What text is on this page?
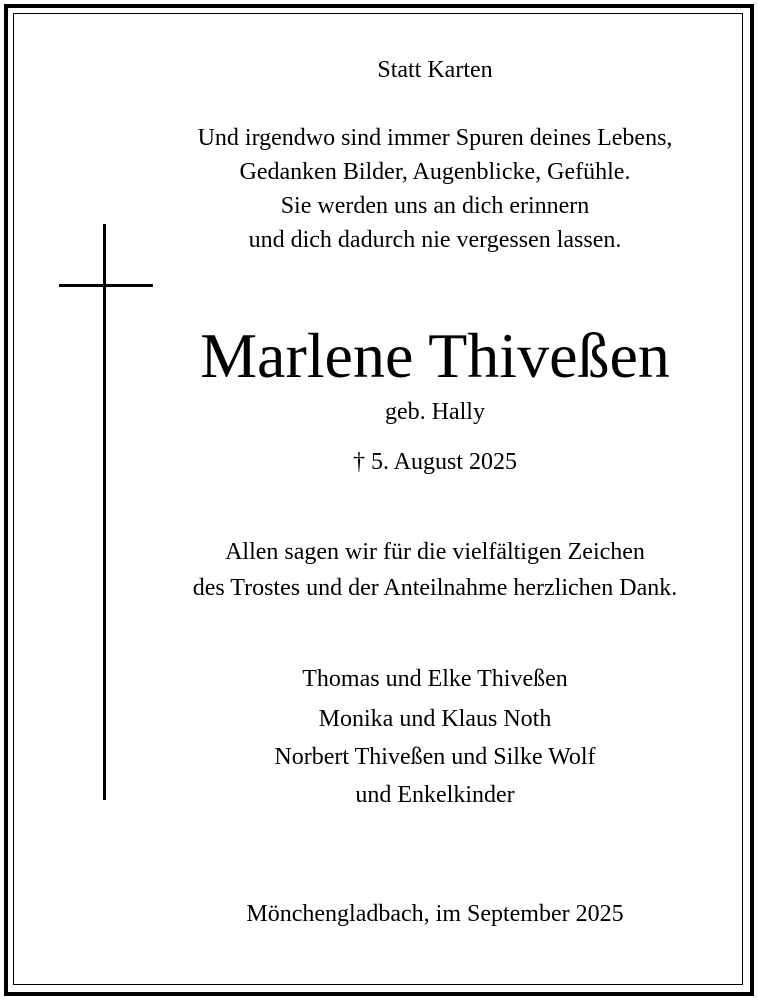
Statt Karten
Und irgendwo sind immer Spuren deines Lebens,
Gedanken Bilder, Augenblicke, Gefühle.
Sie werden uns an dich erinnern
und dich dadurch nie vergessen lassen.
Marlene Thiveßen
geb. Hally
† 5. August 2025
Allen sagen wir für die vielfältigen Zeichen
des Trostes und der Anteilnahme herzlichen Dank.
Thomas und Elke Thiveßen
Monika und Klaus Noth
Norbert Thiveßen und Silke Wolf
und Enkelkinder
Mönchengladbach, im September 2025
